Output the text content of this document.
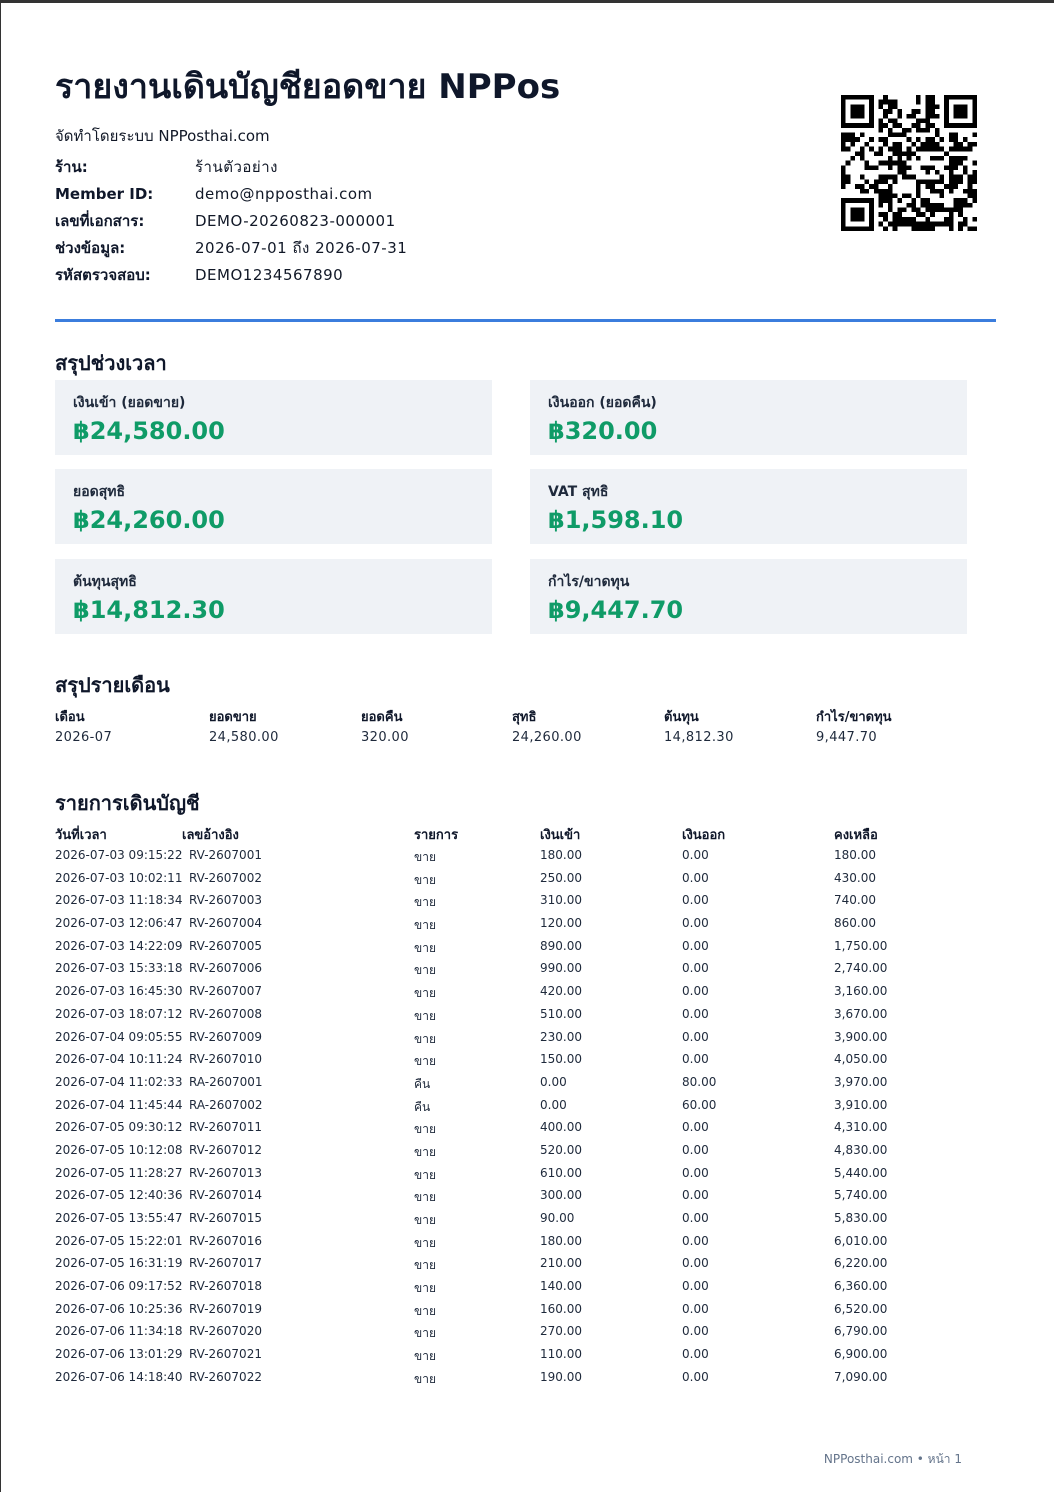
รายงานเดินบัญชียอดขาย NPPos
จัดทำโดยระบบ NPPosthai.com
ร้าน:	ร้านตัวอย่าง
Member ID:	demo@npposthai.com
เลขที่เอกสาร:	DEMO-20260823-000001
ช่วงข้อมูล:	2026-07-01 ถึง 2026-07-31
รหัสตรวจสอบ:	DEMO1234567890
สรุปช่วงเวลา
เงินเข้า (ยอดขาย)
฿24,580.00
เงินออก (ยอดคืน)
฿320.00
ยอดสุทธิ
฿24,260.00
VAT สุทธิ
฿1,598.10
ต้นทุนสุทธิ
฿14,812.30
กำไร/ขาดทุน
฿9,447.70
สรุปรายเดือน
เดือน	ยอดขาย	ยอดคืน	สุทธิ	ต้นทุน	กำไร/ขาดทุน
2026-07	24,580.00	320.00	24,260.00	14,812.30	9,447.70
รายการเดินบัญชี
วันที่เวลา	เลขอ้างอิง	รายการ	เงินเข้า	เงินออก	คงเหลือ
2026-07-03 09:15:22 RV-2607001	ขาย	180.00	0.00	180.00
2026-07-03 10:02:11 RV-2607002	ขาย	250.00	0.00	430.00
2026-07-03 11:18:34 RV-2607003	ขาย	310.00	0.00	740.00
2026-07-03 12:06:47 RV-2607004	ขาย	120.00	0.00	860.00
2026-07-03 14:22:09 RV-2607005	ขาย	890.00	0.00	1,750.00
2026-07-03 15:33:18 RV-2607006	ขาย	990.00	0.00	2,740.00
2026-07-03 16:45:30 RV-2607007	ขาย	420.00	0.00	3,160.00
2026-07-03 18:07:12 RV-2607008	ขาย	510.00	0.00	3,670.00
2026-07-04 09:05:55 RV-2607009	ขาย	230.00	0.00	3,900.00
2026-07-04 10:11:24 RV-2607010	ขาย	150.00	0.00	4,050.00
2026-07-04 11:02:33 RA-2607001	คืน	0.00	80.00	3,970.00
2026-07-04 11:45:44 RA-2607002	คืน	0.00	60.00	3,910.00
2026-07-05 09:30:12 RV-2607011	ขาย	400.00	0.00	4,310.00
2026-07-05 10:12:08 RV-2607012	ขาย	520.00	0.00	4,830.00
2026-07-05 11:28:27 RV-2607013	ขาย	610.00	0.00	5,440.00
2026-07-05 12:40:36 RV-2607014	ขาย	300.00	0.00	5,740.00
2026-07-05 13:55:47 RV-2607015	ขาย	90.00	0.00	5,830.00
2026-07-05 15:22:01 RV-2607016	ขาย	180.00	0.00	6,010.00
2026-07-05 16:31:19 RV-2607017	ขาย	210.00	0.00	6,220.00
2026-07-06 09:17:52 RV-2607018	ขาย	140.00	0.00	6,360.00
2026-07-06 10:25:36 RV-2607019	ขาย	160.00	0.00	6,520.00
2026-07-06 11:34:18 RV-2607020	ขาย	270.00	0.00	6,790.00
2026-07-06 13:01:29 RV-2607021	ขาย	110.00	0.00	6,900.00
2026-07-06 14:18:40 RV-2607022	ขาย	190.00	0.00	7,090.00
NPPosthai.com • หน้า 1
